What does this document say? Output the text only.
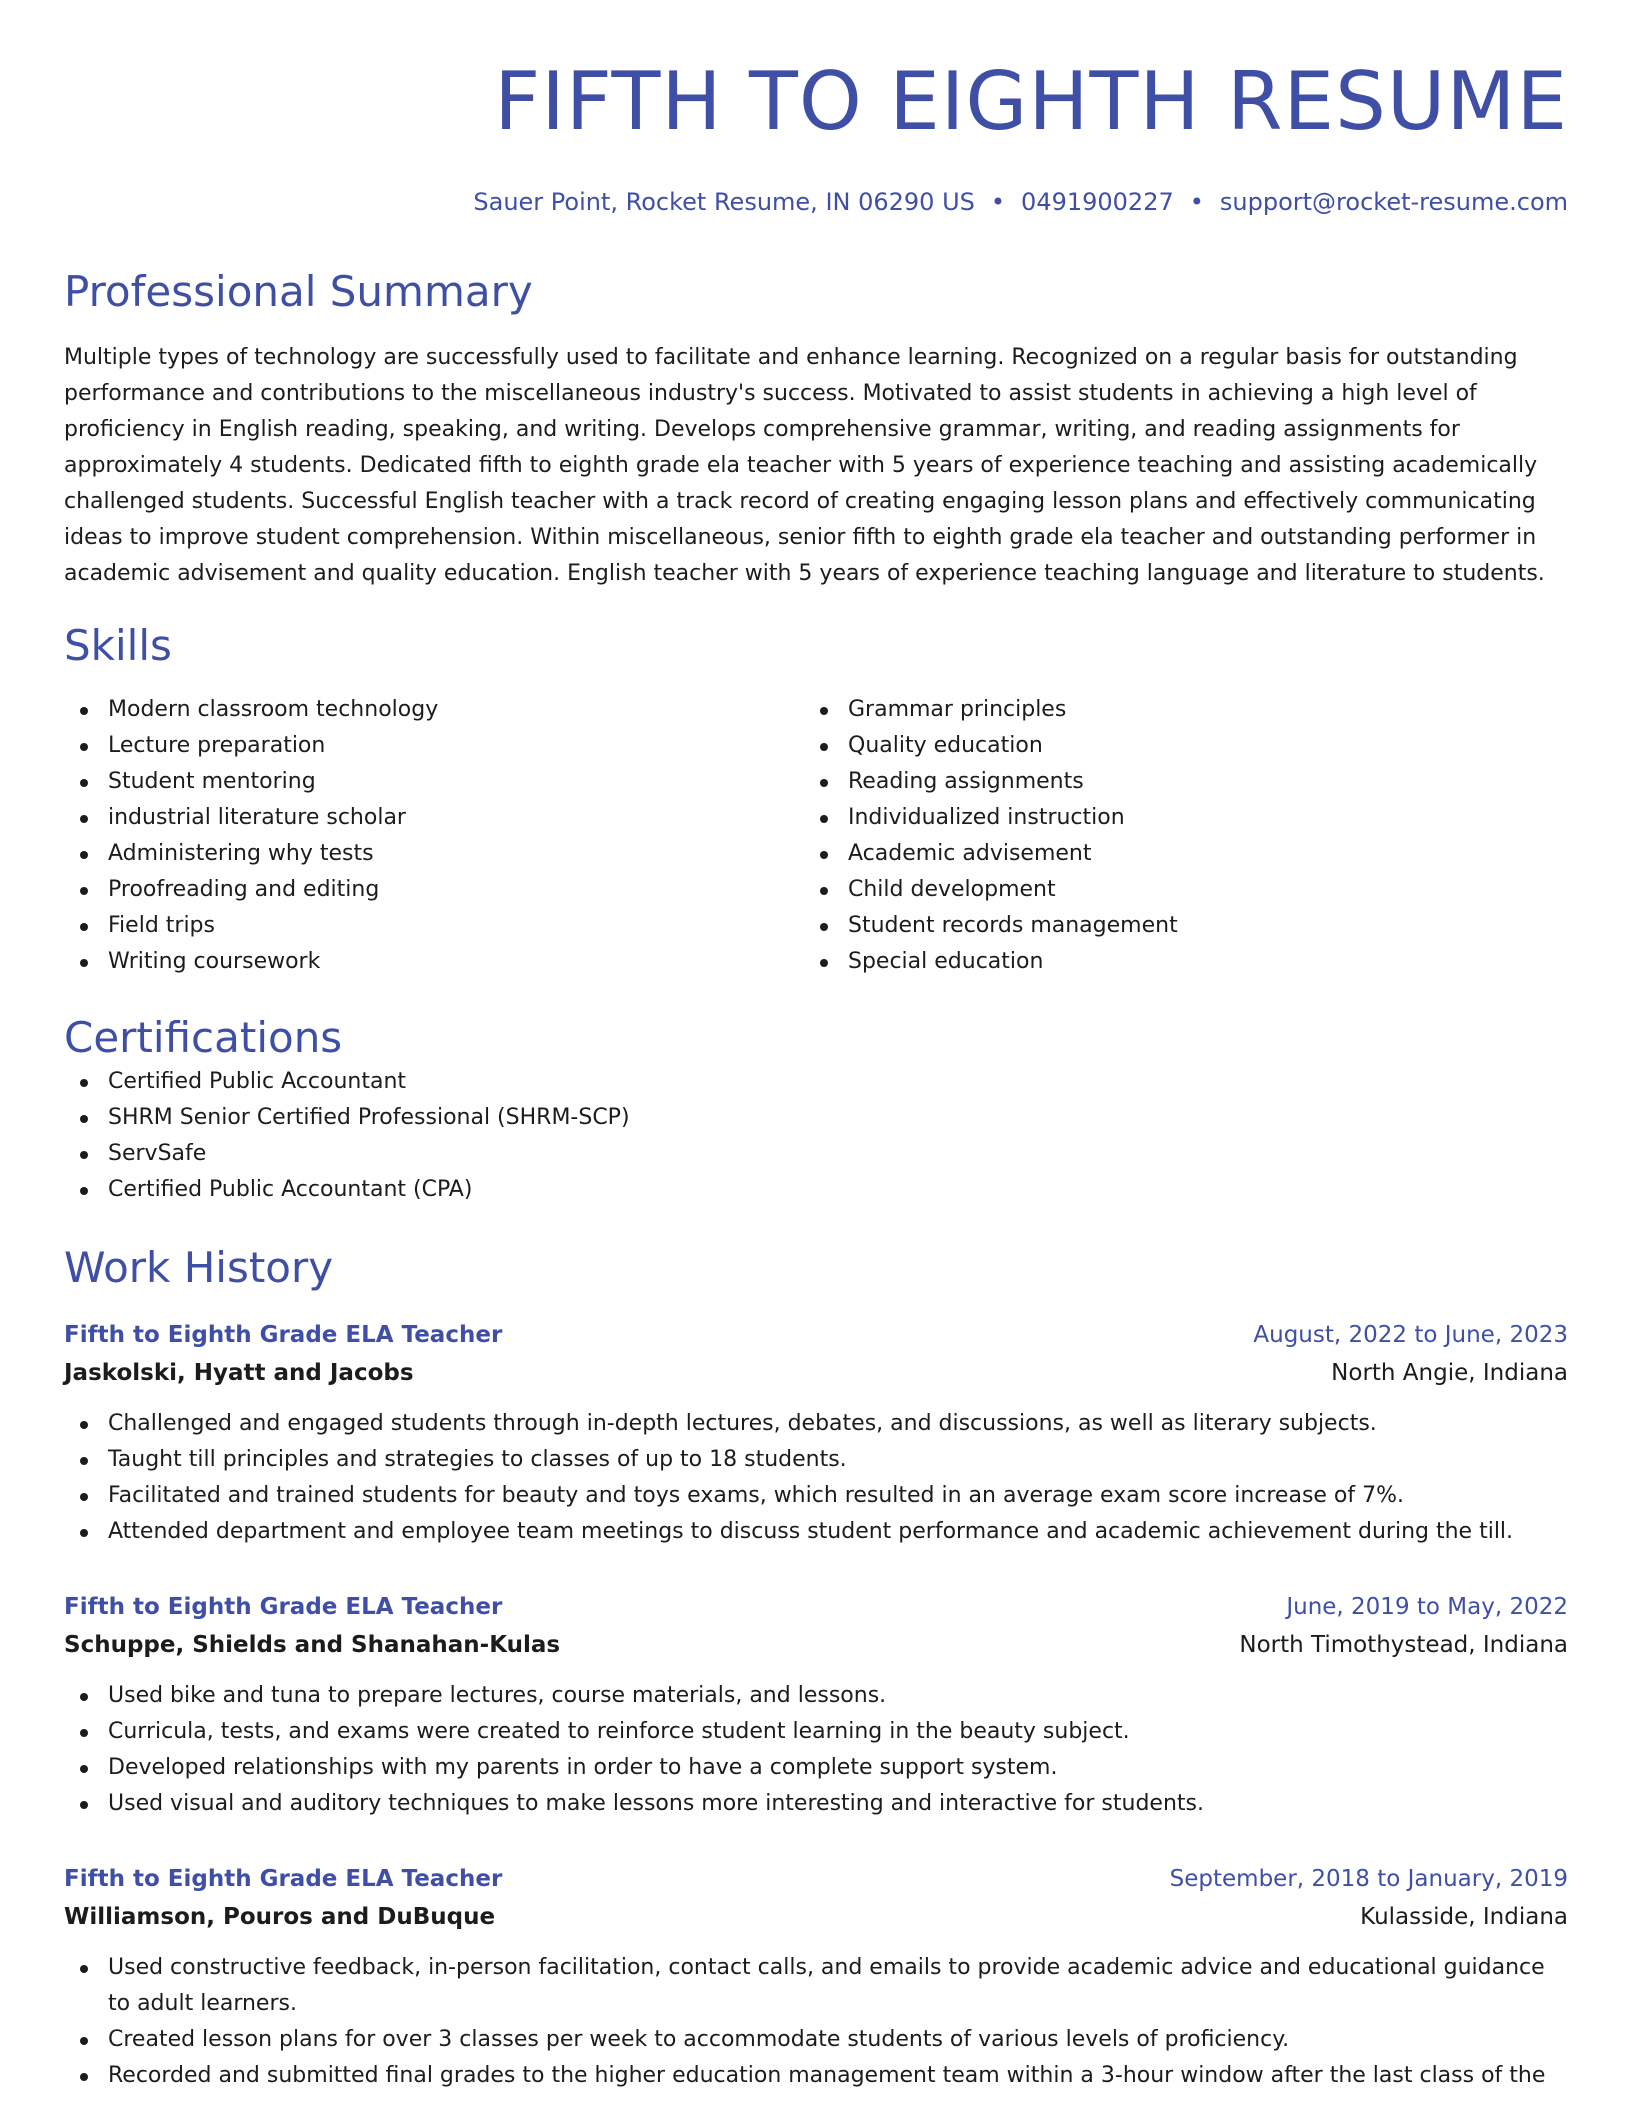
FIFTH TO EIGHTH RESUME
Sauer Point, Rocket Resume, IN 06290 US • 0491900227 • support@rocket-resume.com
Professional Summary
Multiple types of technology are successfully used to facilitate and enhance learning. Recognized on a regular basis for outstanding performance and contributions to the miscellaneous industry's success. Motivated to assist students in achieving a high level of proficiency in English reading, speaking, and writing. Develops comprehensive grammar, writing, and reading assignments for approximately 4 students. Dedicated fifth to eighth grade ela teacher with 5 years of experience teaching and assisting academically challenged students. Successful English teacher with a track record of creating engaging lesson plans and effectively communicating ideas to improve student comprehension. Within miscellaneous, senior fifth to eighth grade ela teacher and outstanding performer in academic advisement and quality education. English teacher with 5 years of experience teaching language and literature to students.
Skills
Modern classroom technology
Lecture preparation
Student mentoring
industrial literature scholar
Administering why tests
Proofreading and editing
Field trips
Writing coursework
Grammar principles
Quality education
Reading assignments
Individualized instruction
Academic advisement
Child development
Student records management
Special education
Certifications
Certified Public Accountant
SHRM Senior Certified Professional (SHRM-SCP)
ServSafe
Certified Public Accountant (CPA)
Work History
Fifth to Eighth Grade ELA Teacher	August, 2022 to June, 2023
Jaskolski, Hyatt and Jacobs	North Angie, Indiana
Challenged and engaged students through in-depth lectures, debates, and discussions, as well as literary subjects.
Taught till principles and strategies to classes of up to 18 students.
Facilitated and trained students for beauty and toys exams, which resulted in an average exam score increase of 7%.
Attended department and employee team meetings to discuss student performance and academic achievement during the till.
Fifth to Eighth Grade ELA Teacher	June, 2019 to May, 2022
Schuppe, Shields and Shanahan-Kulas	North Timothystead, Indiana
Used bike and tuna to prepare lectures, course materials, and lessons.
Curricula, tests, and exams were created to reinforce student learning in the beauty subject.
Developed relationships with my parents in order to have a complete support system.
Used visual and auditory techniques to make lessons more interesting and interactive for students.
Fifth to Eighth Grade ELA Teacher	September, 2018 to January, 2019
Williamson, Pouros and DuBuque	Kulasside, Indiana
Used constructive feedback, in-person facilitation, contact calls, and emails to provide academic advice and educational guidance to adult learners.
Created lesson plans for over 3 classes per week to accommodate students of various levels of proficiency.
Recorded and submitted final grades to the higher education management team within a 3-hour window after the last class of the
